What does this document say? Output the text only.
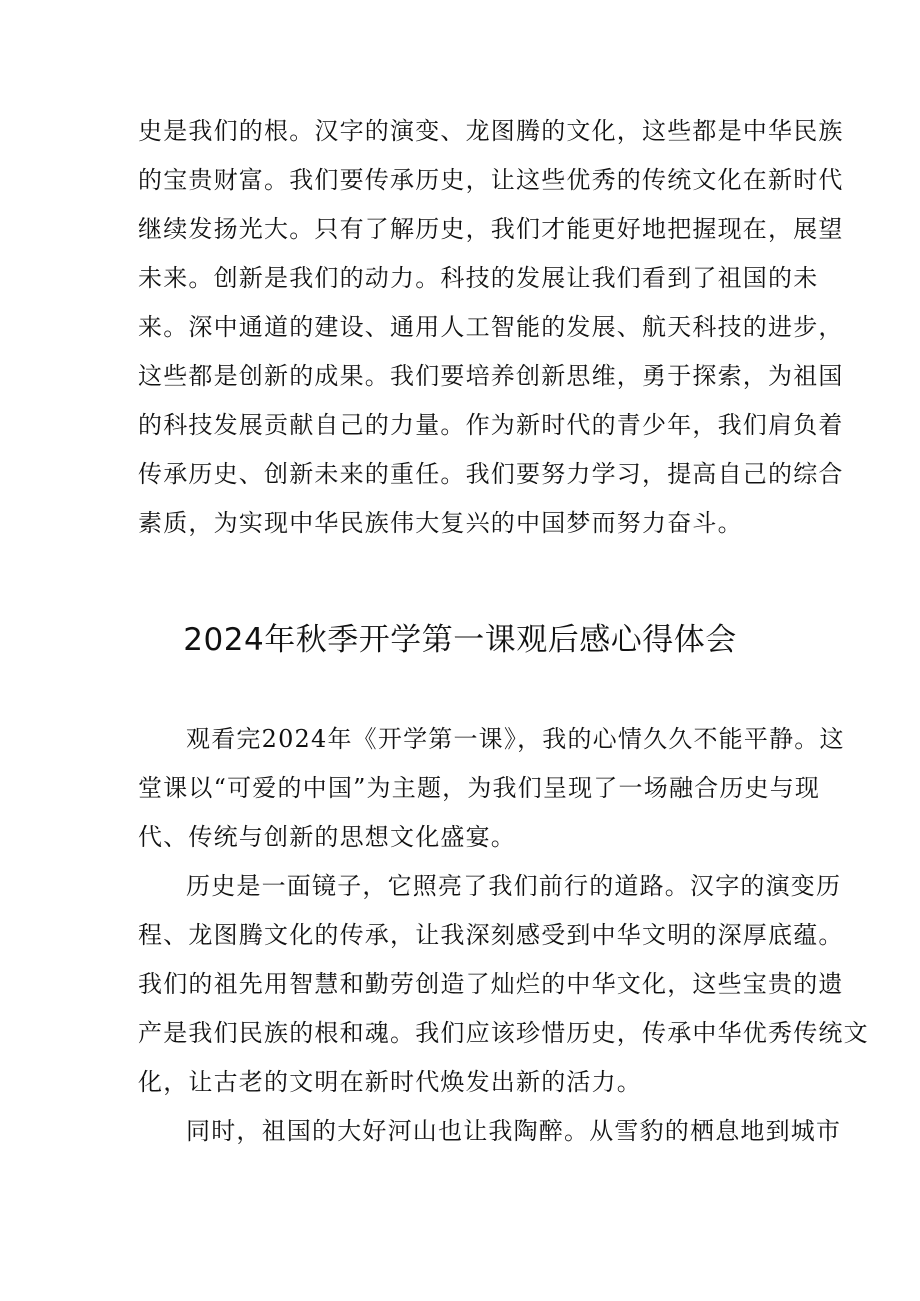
史是我们的根。汉字的演变、龙图腾的文化，这些都是中华民族
的宝贵财富。我们要传承历史，让这些优秀的传统文化在新时代
继续发扬光大。只有了解历史，我们才能更好地把握现在，展望
未来。创新是我们的动力。科技的发展让我们看到了祖国的未
来。深中通道的建设、通用人工智能的发展、航天科技的进步，
这些都是创新的成果。我们要培养创新思维，勇于探索，为祖国
的科技发展贡献自己的力量。作为新时代的青少年，我们肩负着
传承历史、创新未来的重任。我们要努力学习，提高自己的综合
素质，为实现中华民族伟大复兴的中国梦而努力奋斗。
2024年秋季开学第一课观后感心得体会
观看完2024年《开学第一课》，我的心情久久不能平静。这
堂课以“可爱的中国”为主题，为我们呈现了一场融合历史与现
代、传统与创新的思想文化盛宴。
历史是一面镜子，它照亮了我们前行的道路。汉字的演变历
程、龙图腾文化的传承，让我深刻感受到中华文明的深厚底蕴。
我们的祖先用智慧和勤劳创造了灿烂的中华文化，这些宝贵的遗
产是我们民族的根和魂。我们应该珍惜历史，传承中华优秀传统文
化，让古老的文明在新时代焕发出新的活力。
同时，祖国的大好河山也让我陶醉。从雪豹的栖息地到城市
